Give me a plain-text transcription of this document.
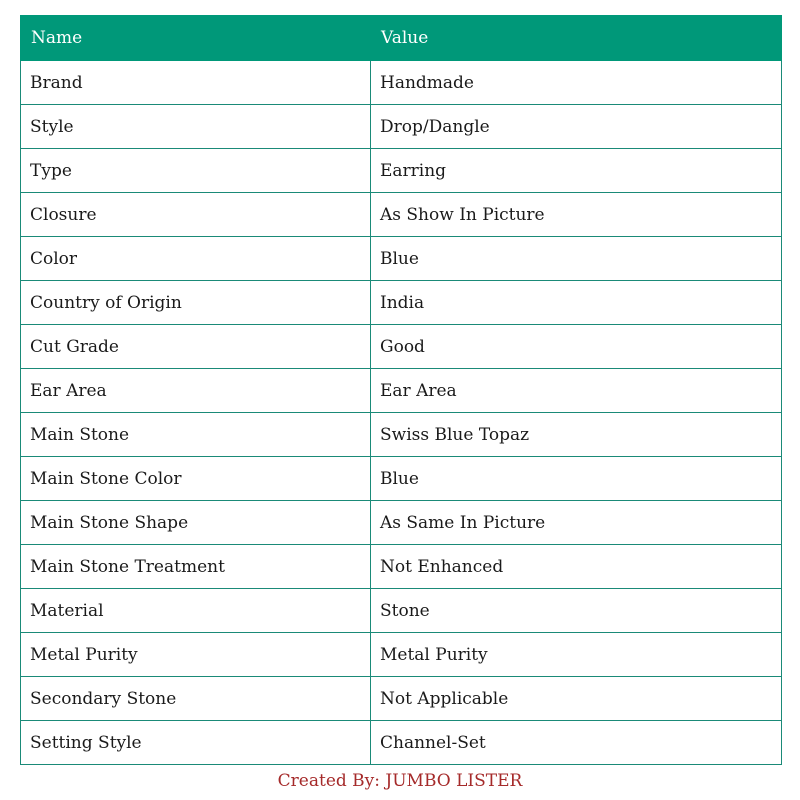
Name	Value
Brand	Handmade
Style	Drop/Dangle
Type	Earring
Closure	As Show In Picture
Color	Blue
Country of Origin	India
Cut Grade	Good
Ear Area	Ear Area
Main Stone	Swiss Blue Topaz
Main Stone Color	Blue
Main Stone Shape	As Same In Picture
Main Stone Treatment	Not Enhanced
Material	Stone
Metal Purity	Metal Purity
Secondary Stone	Not Applicable
Setting Style	Channel-Set
Created By: JUMBO LISTER
